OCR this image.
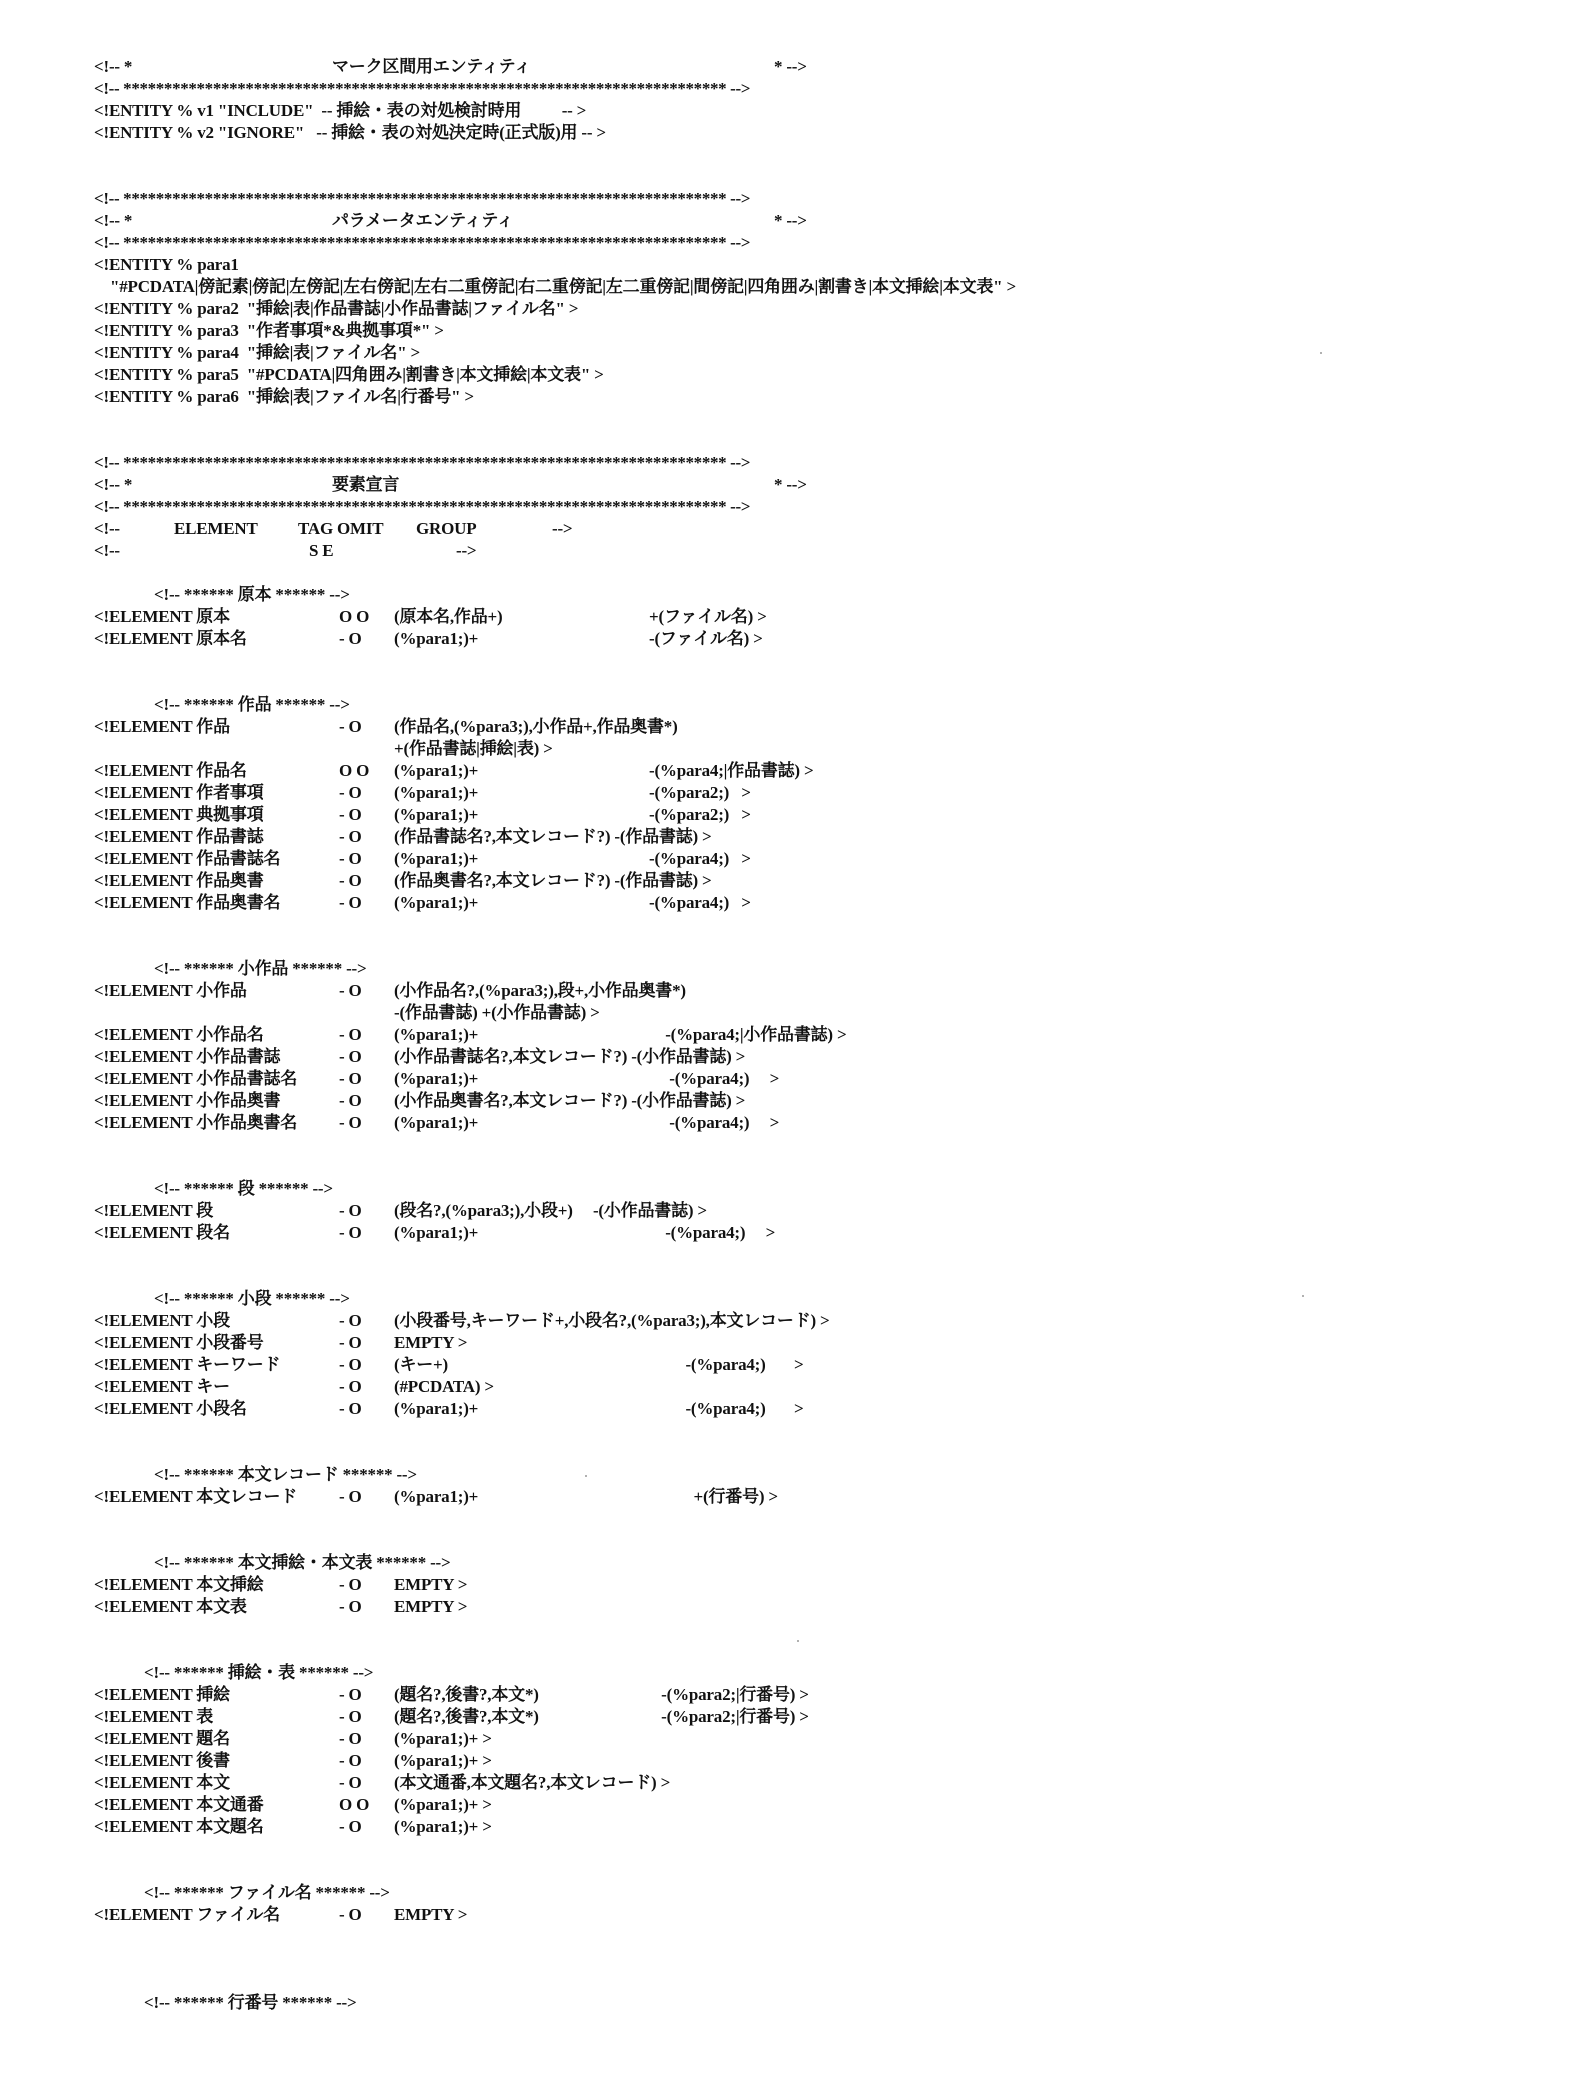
<!-- *	マーク区間用エンティティ	* -->
<!-- ************************************************************************** -->
<!ENTITY % v1 "INCLUDE"  -- 挿絵・表の対処検討時用          -- >
<!ENTITY % v2 "IGNORE"   -- 挿絵・表の対処決定時(正式版)用 -- >
<!-- ************************************************************************** -->
<!-- *	パラメータエンティティ	* -->
<!-- ************************************************************************** -->
<!ENTITY % para1
"#PCDATA|傍記素|傍記|左傍記|左右傍記|左右二重傍記|右二重傍記|左二重傍記|間傍記|四角囲み|割書き|本文挿絵|本文表" >
<!ENTITY % para2  "挿絵|表|作品書誌|小作品書誌|ファイル名" >
<!ENTITY % para3  "作者事項*&典拠事項*" >
<!ENTITY % para4  "挿絵|表|ファイル名" >
<!ENTITY % para5  "#PCDATA|四角囲み|割書き|本文挿絵|本文表" >
<!ENTITY % para6  "挿絵|表|ファイル名|行番号" >
<!-- ************************************************************************** -->
<!-- *	要素宣言	* -->
<!-- ************************************************************************** -->
<!--	ELEMENT TAG OMIT GROUP	-->
<!--	S E	-->
<!-- ****** 原本 ****** -->
<!ELEMENT 原本	O O (原本名,作品+)	+(ファイル名) >
<!ELEMENT 原本名	- O (%para1;)+	-(ファイル名) >
<!-- ****** 作品 ****** -->
<!ELEMENT 作品	- O (作品名,(%para3;),小作品+,作品奥書*)
+(作品書誌|挿絵|表) >
<!ELEMENT 作品名	O O (%para1;)+	-(%para4;|作品書誌) >
<!ELEMENT 作者事項	- O (%para1;)+	-(%para2;)   >
<!ELEMENT 典拠事項	- O (%para1;)+	-(%para2;)   >
<!ELEMENT 作品書誌	- O (作品書誌名?,本文レコード?) -(作品書誌) >
<!ELEMENT 作品書誌名	- O (%para1;)+	-(%para4;)   >
<!ELEMENT 作品奥書	- O (作品奥書名?,本文レコード?) -(作品書誌) >
<!ELEMENT 作品奥書名	- O (%para1;)+	-(%para4;)   >
<!-- ****** 小作品 ****** -->
<!ELEMENT 小作品	- O (小作品名?,(%para3;),段+,小作品奥書*)
-(作品書誌) +(小作品書誌) >
<!ELEMENT 小作品名	- O (%para1;)+	-(%para4;|小作品書誌) >
<!ELEMENT 小作品書誌	- O (小作品書誌名?,本文レコード?) -(小作品書誌) >
<!ELEMENT 小作品書誌名 - O (%para1;)+	-(%para4;)     >
<!ELEMENT 小作品奥書	- O (小作品奥書名?,本文レコード?) -(小作品書誌) >
<!ELEMENT 小作品奥書名 - O (%para1;)+	-(%para4;)     >
<!-- ****** 段 ****** -->
<!ELEMENT 段	- O (段名?,(%para3;),小段+)     -(小作品書誌) >
<!ELEMENT 段名	- O (%para1;)+	-(%para4;)     >
<!-- ****** 小段 ****** -->
<!ELEMENT 小段	- O (小段番号,キーワード+,小段名?,(%para3;),本文レコード) >
<!ELEMENT 小段番号	- O EMPTY >
<!ELEMENT キーワード	- O (キー+)	-(%para4;)       >
<!ELEMENT キー	- O (#PCDATA) >
<!ELEMENT 小段名	- O (%para1;)+	-(%para4;)       >
<!-- ****** 本文レコード ****** -->
<!ELEMENT 本文レコード - O (%para1;)+	+(行番号) >
<!-- ****** 本文挿絵・本文表 ****** -->
<!ELEMENT 本文挿絵	- O EMPTY >
<!ELEMENT 本文表	- O EMPTY >
<!-- ****** 挿絵・表 ****** -->
<!ELEMENT 挿絵	- O (題名?,後書?,本文*)	-(%para2;|行番号) >
<!ELEMENT 表	- O (題名?,後書?,本文*)	-(%para2;|行番号) >
<!ELEMENT 題名	- O (%para1;)+ >
<!ELEMENT 後書	- O (%para1;)+ >
<!ELEMENT 本文	- O (本文通番,本文題名?,本文レコード) >
<!ELEMENT 本文通番	O O (%para1;)+ >
<!ELEMENT 本文題名	- O (%para1;)+ >
<!-- ****** ファイル名 ****** -->
<!ELEMENT ファイル名	- O EMPTY >
<!-- ****** 行番号 ****** -->
